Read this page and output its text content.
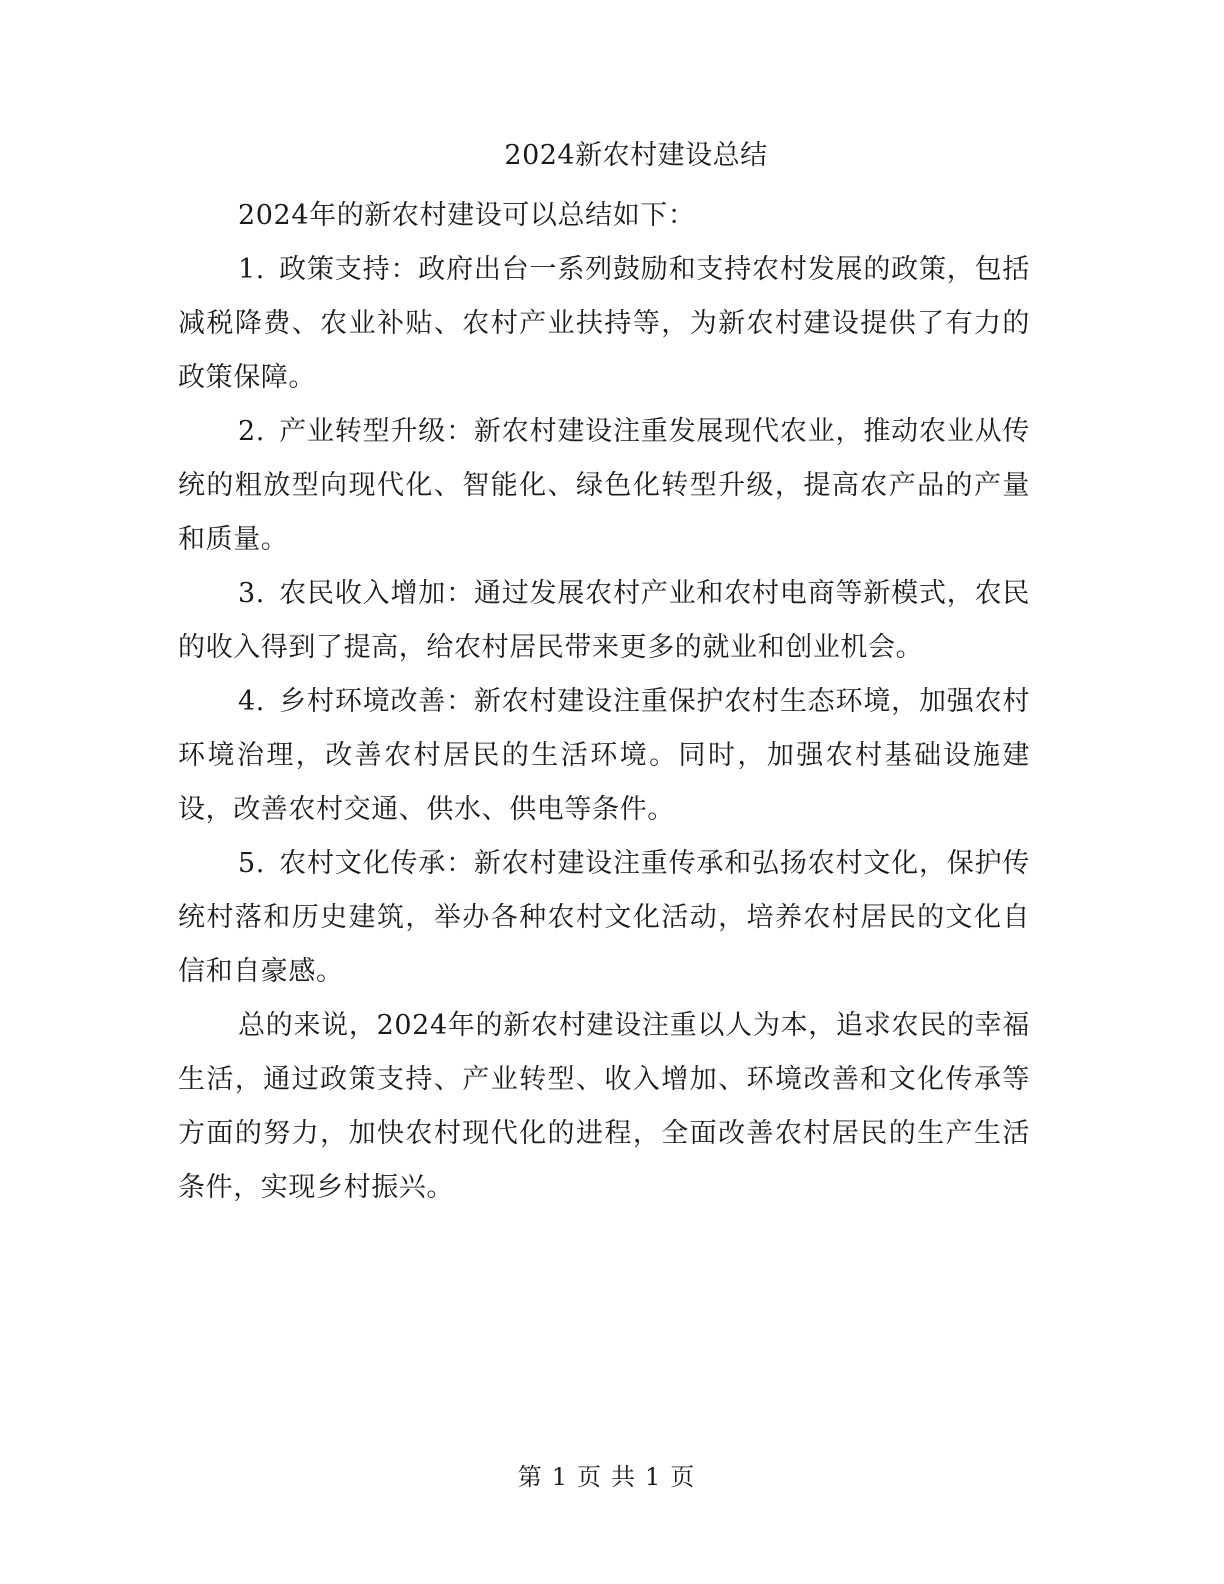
2024新农村建设总结

2024年的新农村建设可以总结如下：

1. 政策支持：政府出台一系列鼓励和支持农村发展的政策，包括减税降费、农业补贴、农村产业扶持等，为新农村建设提供了有力的政策保障。

2. 产业转型升级：新农村建设注重发展现代农业，推动农业从传统的粗放型向现代化、智能化、绿色化转型升级，提高农产品的产量和质量。

3. 农民收入增加：通过发展农村产业和农村电商等新模式，农民的收入得到了提高，给农村居民带来更多的就业和创业机会。

4. 乡村环境改善：新农村建设注重保护农村生态环境，加强农村环境治理，改善农村居民的生活环境。同时，加强农村基础设施建设，改善农村交通、供水、供电等条件。

5. 农村文化传承：新农村建设注重传承和弘扬农村文化，保护传统村落和历史建筑，举办各种农村文化活动，培养农村居民的文化自信和自豪感。

总的来说，2024年的新农村建设注重以人为本，追求农民的幸福生活，通过政策支持、产业转型、收入增加、环境改善和文化传承等方面的努力，加快农村现代化的进程，全面改善农村居民的生产生活条件，实现乡村振兴。

第 1 页 共 1 页
